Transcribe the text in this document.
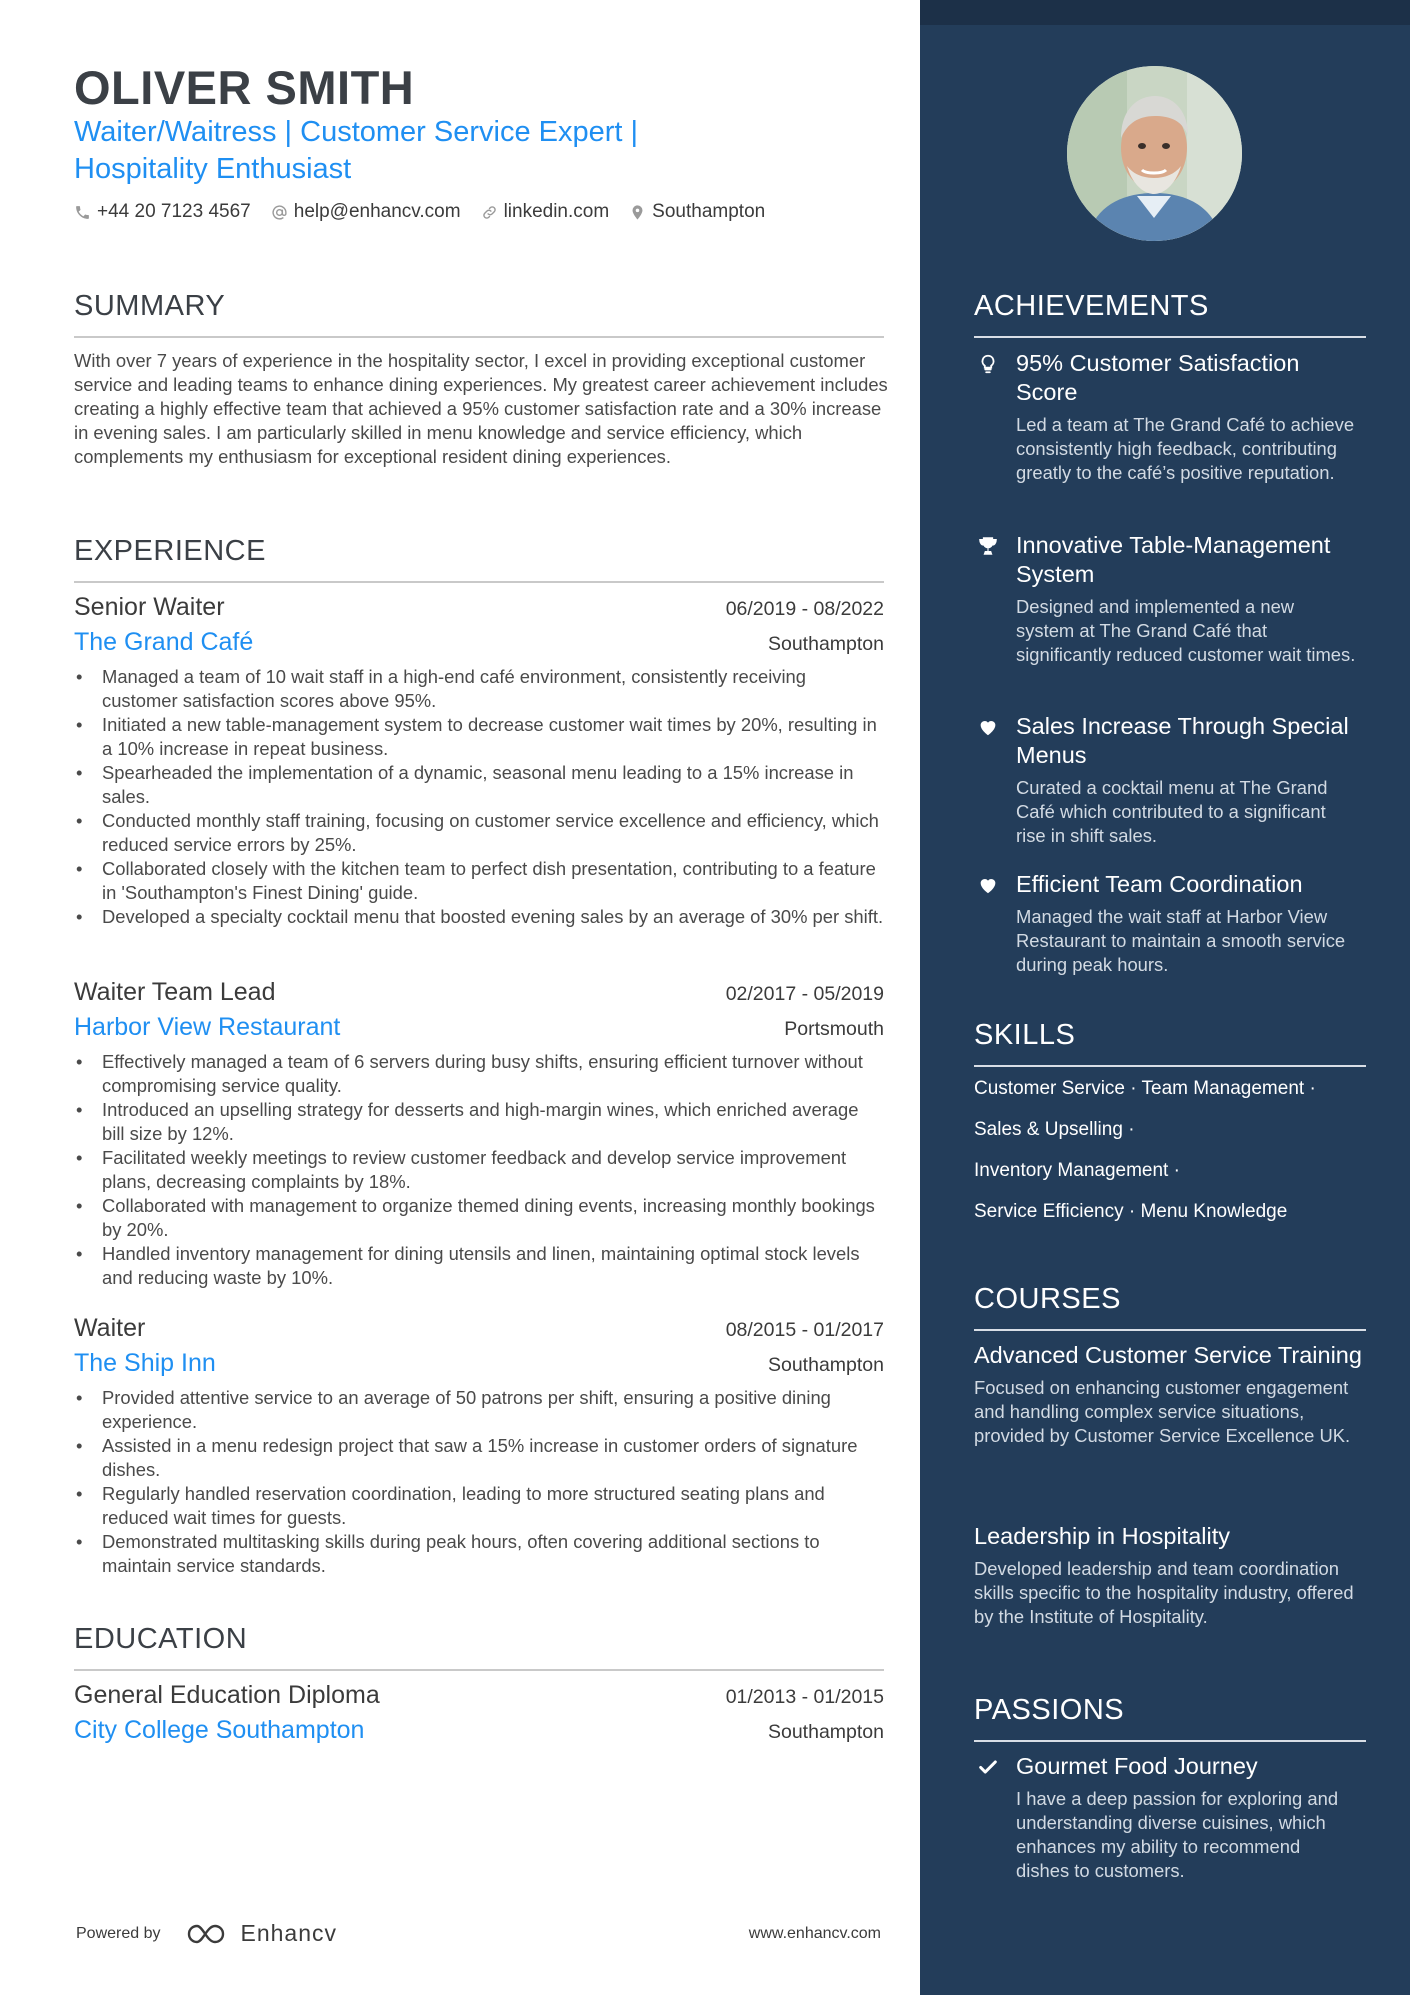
OLIVER SMITH
Waiter/Waitress | Customer Service Expert |
Hospitality Enthusiast
+44 20 7123 4567 help@enhancv.com linkedin.com Southampton
SUMMARY
With over 7 years of experience in the hospitality sector, I excel in providing exceptional customer service and leading teams to enhance dining experiences. My greatest career achievement includes creating a highly effective team that achieved a 95% customer satisfaction rate and a 30% increase in evening sales. I am particularly skilled in menu knowledge and service efficiency, which complements my enthusiasm for exceptional resident dining experiences.
EXPERIENCE
Senior Waiter	06/2019 - 08/2022
The Grand Café	Southampton
• Managed a team of 10 wait staff in a high-end café environment, consistently receiving customer satisfaction scores above 95%.
• Initiated a new table-management system to decrease customer wait times by 20%, resulting in a 10% increase in repeat business.
• Spearheaded the implementation of a dynamic, seasonal menu leading to a 15% increase in sales.
• Conducted monthly staff training, focusing on customer service excellence and efficiency, which reduced service errors by 25%.
• Collaborated closely with the kitchen team to perfect dish presentation, contributing to a feature in 'Southampton's Finest Dining' guide.
• Developed a specialty cocktail menu that boosted evening sales by an average of 30% per shift.
Waiter Team Lead	02/2017 - 05/2019
Harbor View Restaurant	Portsmouth
• Effectively managed a team of 6 servers during busy shifts, ensuring efficient turnover without compromising service quality.
• Introduced an upselling strategy for desserts and high-margin wines, which enriched average bill size by 12%.
• Facilitated weekly meetings to review customer feedback and develop service improvement plans, decreasing complaints by 18%.
• Collaborated with management to organize themed dining events, increasing monthly bookings by 20%.
• Handled inventory management for dining utensils and linen, maintaining optimal stock levels and reducing waste by 10%.
Waiter	08/2015 - 01/2017
The Ship Inn	Southampton
• Provided attentive service to an average of 50 patrons per shift, ensuring a positive dining experience.
• Assisted in a menu redesign project that saw a 15% increase in customer orders of signature dishes.
• Regularly handled reservation coordination, leading to more structured seating plans and reduced wait times for guests.
• Demonstrated multitasking skills during peak hours, often covering additional sections to maintain service standards.
EDUCATION
General Education Diploma	01/2013 - 01/2015
City College Southampton	Southampton
Powered by	Enhancv	www.enhancv.com
ACHIEVEMENTS
95% Customer Satisfaction Score
Led a team at The Grand Café to achieve consistently high feedback, contributing greatly to the café’s positive reputation.
Innovative Table-Management System
Designed and implemented a new system at The Grand Café that significantly reduced customer wait times.
Sales Increase Through Special Menus
Curated a cocktail menu at The Grand Café which contributed to a significant rise in shift sales.
Efficient Team Coordination
Managed the wait staff at Harbor View Restaurant to maintain a smooth service during peak hours.
SKILLS
Customer Service · Team Management ·
Sales & Upselling ·
Inventory Management ·
Service Efficiency · Menu Knowledge
COURSES
Advanced Customer Service Training
Focused on enhancing customer engagement and handling complex service situations, provided by Customer Service Excellence UK.
Leadership in Hospitality
Developed leadership and team coordination skills specific to the hospitality industry, offered by the Institute of Hospitality.
PASSIONS
Gourmet Food Journey
I have a deep passion for exploring and understanding diverse cuisines, which enhances my ability to recommend dishes to customers.
